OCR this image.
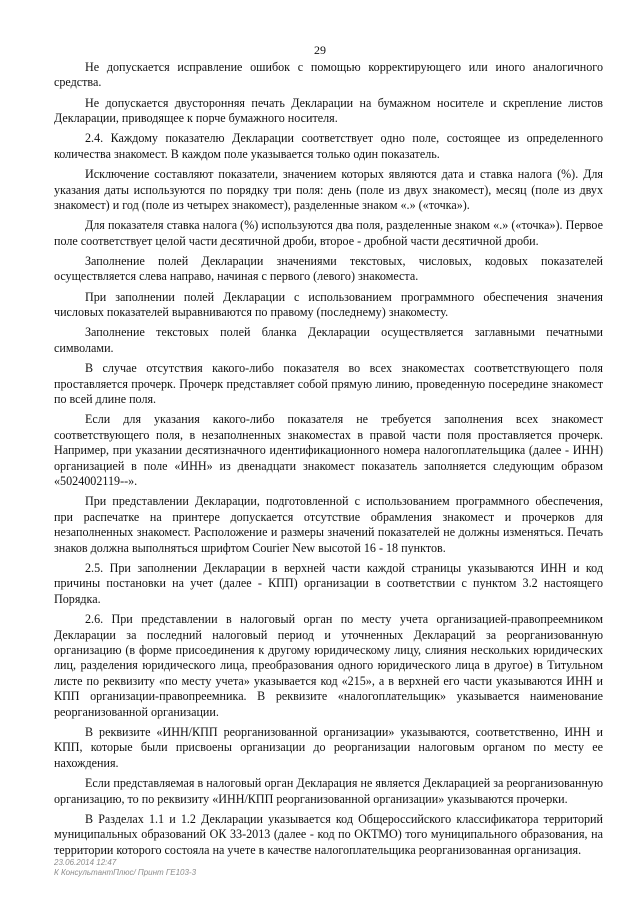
29

Не допускается исправление ошибок с помощью корректирующего или иного аналогичного средства.

Не допускается двусторонняя печать Декларации на бумажном носителе и скрепление листов Декларации, приводящее к порче бумажного носителя.

2.4. Каждому показателю Декларации соответствует одно поле, состоящее из определенного количества знакомест. В каждом поле указывается только один показатель.

Исключение составляют показатели, значением которых являются дата и ставка налога (%). Для указания даты используются по порядку три поля: день (поле из двух знакомест), месяц (поле из двух знакомест) и год (поле из четырех знакомест), разделенные знаком «.» («точка»).

Для показателя ставка налога (%) используются два поля, разделенные знаком «.» («точка»). Первое поле соответствует целой части десятичной дроби, второе - дробной части десятичной дроби.

Заполнение полей Декларации значениями текстовых, числовых, кодовых показателей осуществляется слева направо, начиная с первого (левого) знакоместа.

При заполнении полей Декларации с использованием программного обеспечения значения числовых показателей выравниваются по правому (последнему) знакоместу.

Заполнение текстовых полей бланка Декларации осуществляется заглавными печатными символами.

В случае отсутствия какого-либо показателя во всех знакоместах соответствующего поля проставляется прочерк. Прочерк представляет собой прямую линию, проведенную посередине знакомест по всей длине поля.

Если для указания какого-либо показателя не требуется заполнения всех знакомест соответствующего поля, в незаполненных знакоместах в правой части поля проставляется прочерк. Например, при указании десятизначного идентификационного номера налогоплательщика (далее - ИНН) организацией в поле «ИНН» из двенадцати знакомест показатель заполняется следующим образом «5024002119--».

При представлении Декларации, подготовленной с использованием программного обеспечения, при распечатке на принтере допускается отсутствие обрамления знакомест и прочерков для незаполненных знакомест. Расположение и размеры значений показателей не должны изменяться. Печать знаков должна выполняться шрифтом Courier New высотой 16 - 18 пунктов.

2.5. При заполнении Декларации в верхней части каждой страницы указываются ИНН и код причины постановки на учет (далее - КПП) организации в соответствии с пунктом 3.2 настоящего Порядка.

2.6. При представлении в налоговый орган по месту учета организацией-правопреемником Декларации за последний налоговый период и уточненных Деклараций за реорганизованную организацию (в форме присоединения к другому юридическому лицу, слияния нескольких юридических лиц, разделения юридического лица, преобразования одного юридического лица в другое) в Титульном листе по реквизиту «по месту учета» указывается код «215», а в верхней его части указываются ИНН и КПП организации-правопреемника. В реквизите «налогоплательщик» указывается наименование реорганизованной организации.

В реквизите «ИНН/КПП реорганизованной организации» указываются, соответственно, ИНН и КПП, которые были присвоены организации до реорганизации налоговым органом по месту ее нахождения.

Если представляемая в налоговый орган Декларация не является Декларацией за реорганизованную организацию, то по реквизиту «ИНН/КПП реорганизованной организации» указываются прочерки.

В Разделах 1.1 и 1.2 Декларации указывается код Общероссийского классификатора территорий муниципальных образований ОК 33-2013 (далее - код по ОКТМО) того муниципального образования, на территории которого состояла на учете в качестве налогоплательщика реорганизованная организация.

23.06.2014 12:47
К КонсультантПлюс/ Принт ГЕ103-3
